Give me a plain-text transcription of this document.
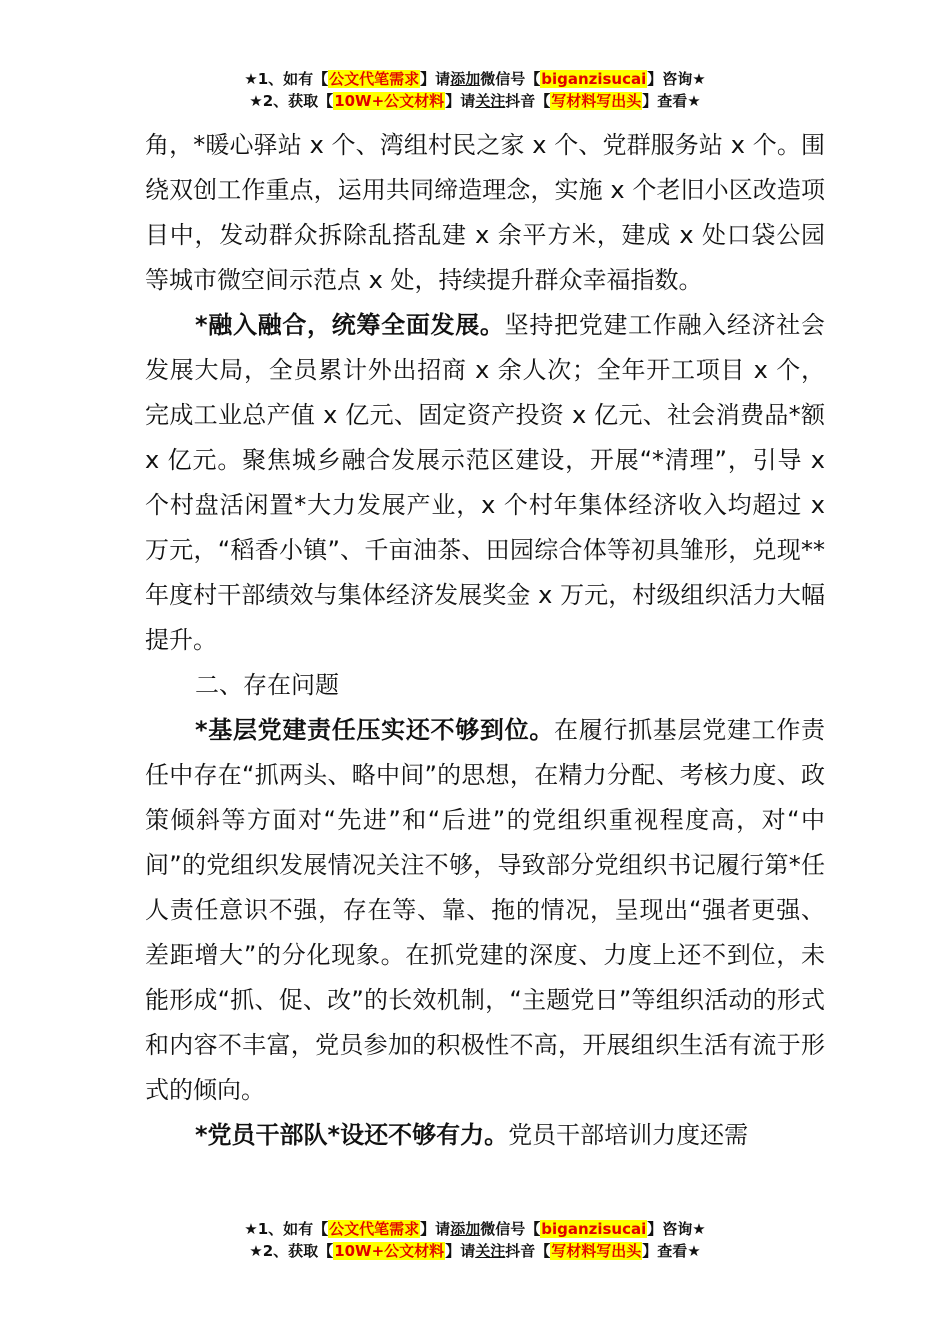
★1、如有【公文代笔需求】请添加微信号【biganzisucai】咨询★
★2、获取【10W+公文材料】请关注抖音【写材料写出头】查看★

角，*暖心驿站 x 个、湾组村民之家 x 个、党群服务站 x 个。围绕双创工作重点，运用共同缔造理念，实施 x 个老旧小区改造项目中，发动群众拆除乱搭乱建 x 余平方米，建成 x 处口袋公园等城市微空间示范点 x 处，持续提升群众幸福指数。

*融入融合，统筹全面发展。坚持把党建工作融入经济社会发展大局，全员累计外出招商 x 余人次；全年开工项目 x 个，完成工业总产值 x 亿元、固定资产投资 x 亿元、社会消费品*额 x 亿元。聚焦城乡融合发展示范区建设，开展“*清理”，引导 x 个村盘活闲置*大力发展产业，x 个村年集体经济收入均超过 x 万元，“稻香小镇”、千亩油茶、田园综合体等初具雏形，兑现**年度村干部绩效与集体经济发展奖金 x 万元，村级组织活力大幅提升。

二、存在问题

*基层党建责任压实还不够到位。在履行抓基层党建工作责任中存在“抓两头、略中间”的思想，在精力分配、考核力度、政策倾斜等方面对“先进”和“后进”的党组织重视程度高，对“中间”的党组织发展情况关注不够，导致部分党组织书记履行第*任人责任意识不强，存在等、靠、拖的情况，呈现出“强者更强、差距增大”的分化现象。在抓党建的深度、力度上还不到位，未能形成“抓、促、改”的长效机制，“主题党日”等组织活动的形式和内容不丰富，党员参加的积极性不高，开展组织生活有流于形式的倾向。

*党员干部队*设还不够有力。党员干部培训力度还需

★1、如有【公文代笔需求】请添加微信号【biganzisucai】咨询★
★2、获取【10W+公文材料】请关注抖音【写材料写出头】查看★
